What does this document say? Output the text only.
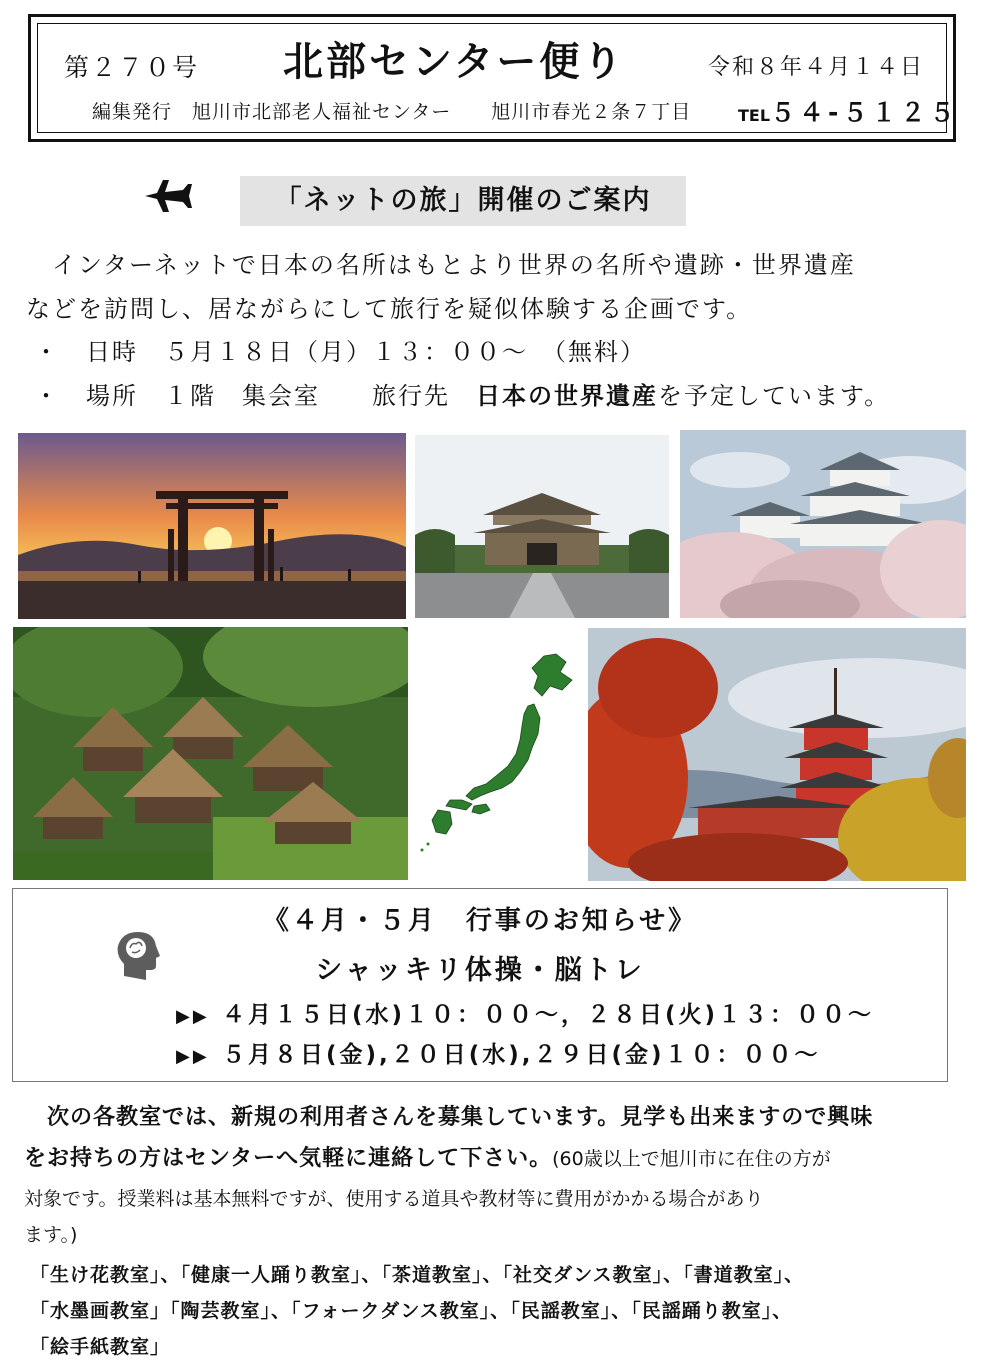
第２７０号 北部センター便り	令和８年４月１４日
編集発行　旭川市北部老人福祉センター　　旭川市春光２条７丁目	TEL５４-５１２５
「ネットの旅」開催のご案内

　インターネットで日本の名所はもとより世界の名所や遺跡・世界遺産

などを訪問し、居ながらにして旅行を疑似体験する企画です。

・　日時　５月１８日（月）１３：００～　（無料）
・　場所　１階　集会室　　旅行先　日本の世界遺産を予定しています。
《４月・５月　行事のお知らせ》
シャッキリ体操・脳トレ
▶▶ ４月１５日(水)１０：００～，２８日(火)１３：００～
▶▶ ５月８日(金),２０日(水),２９日(金)１０：００～
　次の各教室では、新規の利用者さんを募集しています。見学も出来ますので興味
をお持ちの方はセンターへ気軽に連絡して下さい。(60歳以上で旭川市に在住の方が
対象です。授業料は基本無料ですが、使用する道具や教材等に費用がかかる場合があり
ます。)
「生け花教室」、「健康一人踊り教室」、「茶道教室」、「社交ダンス教室」、「書道教室」、
「水墨画教室」「陶芸教室」、「フォークダンス教室」、「民謡教室」、「民謡踊り教室」、
「絵手紙教室」
